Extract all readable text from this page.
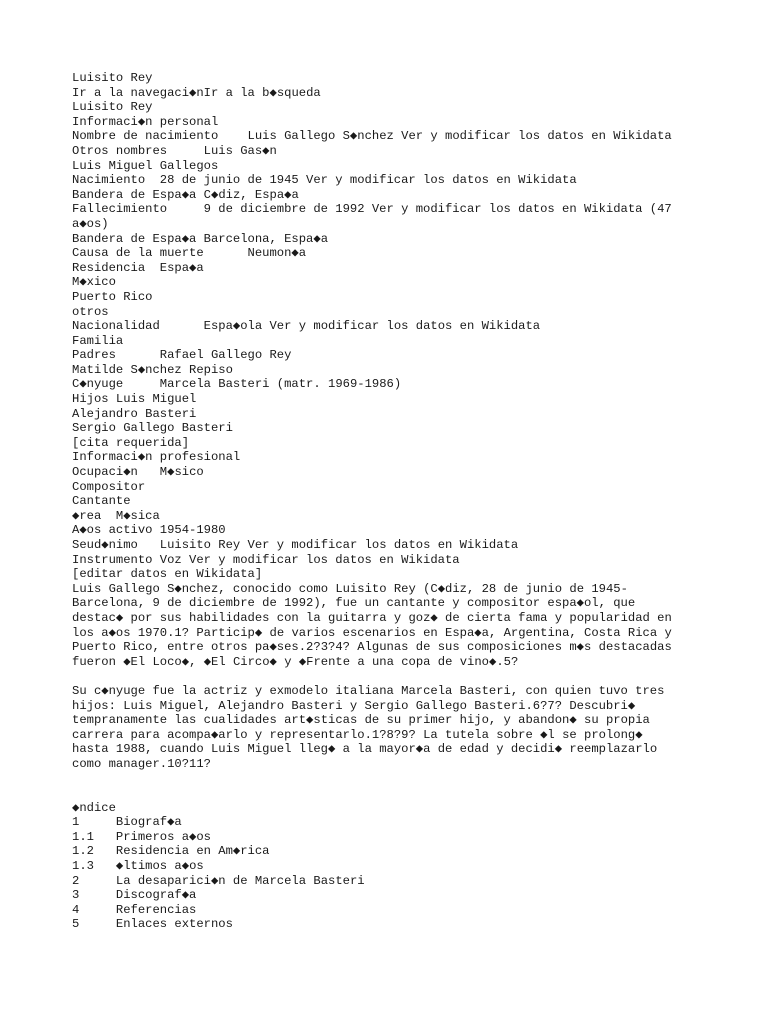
Luisito Rey
Ir a la navegaci◆nIr a la b◆squeda
Luisito Rey
Informaci◆n personal
Nombre de nacimiento    Luis Gallego S◆nchez Ver y modificar los datos en Wikidata
Otros nombres     Luis Gas◆n
Luis Miguel Gallegos
Nacimiento  28 de junio de 1945 Ver y modificar los datos en Wikidata
Bandera de Espa◆a C◆diz, Espa◆a
Fallecimiento     9 de diciembre de 1992 Ver y modificar los datos en Wikidata (47
a◆os)
Bandera de Espa◆a Barcelona, Espa◆a
Causa de la muerte      Neumon◆a
Residencia  Espa◆a
M◆xico
Puerto Rico
otros
Nacionalidad      Espa◆ola Ver y modificar los datos en Wikidata
Familia
Padres      Rafael Gallego Rey
Matilde S◆nchez Repiso
C◆nyuge     Marcela Basteri (matr. 1969-1986)
Hijos Luis Miguel
Alejandro Basteri
Sergio Gallego Basteri
[cita requerida]
Informaci◆n profesional
Ocupaci◆n   M◆sico
Compositor
Cantante
◆rea  M◆sica
A◆os activo 1954-1980
Seud◆nimo   Luisito Rey Ver y modificar los datos en Wikidata
Instrumento Voz Ver y modificar los datos en Wikidata
[editar datos en Wikidata]
Luis Gallego S◆nchez, conocido como Luisito Rey (C◆diz, 28 de junio de 1945-
Barcelona, 9 de diciembre de 1992), fue un cantante y compositor espa◆ol, que
destac◆ por sus habilidades con la guitarra y goz◆ de cierta fama y popularidad en
los a◆os 1970.1? Particip◆ de varios escenarios en Espa◆a, Argentina, Costa Rica y
Puerto Rico, entre otros pa◆ses.2?3?4? Algunas de sus composiciones m◆s destacadas
fueron ◆El Loco◆, ◆El Circo◆ y ◆Frente a una copa de vino◆.5?
Su c◆nyuge fue la actriz y exmodelo italiana Marcela Basteri, con quien tuvo tres
hijos: Luis Miguel, Alejandro Basteri y Sergio Gallego Basteri.6?7? Descubri◆
tempranamente las cualidades art◆sticas de su primer hijo, y abandon◆ su propia
carrera para acompa◆arlo y representarlo.1?8?9? La tutela sobre ◆l se prolong◆
hasta 1988, cuando Luis Miguel lleg◆ a la mayor◆a de edad y decidi◆ reemplazarlo
como manager.10?11?
◆ndice
1     Biograf◆a
1.1   Primeros a◆os
1.2   Residencia en Am◆rica
1.3   ◆ltimos a◆os
2     La desaparici◆n de Marcela Basteri
3     Discograf◆a
4     Referencias
5     Enlaces externos
